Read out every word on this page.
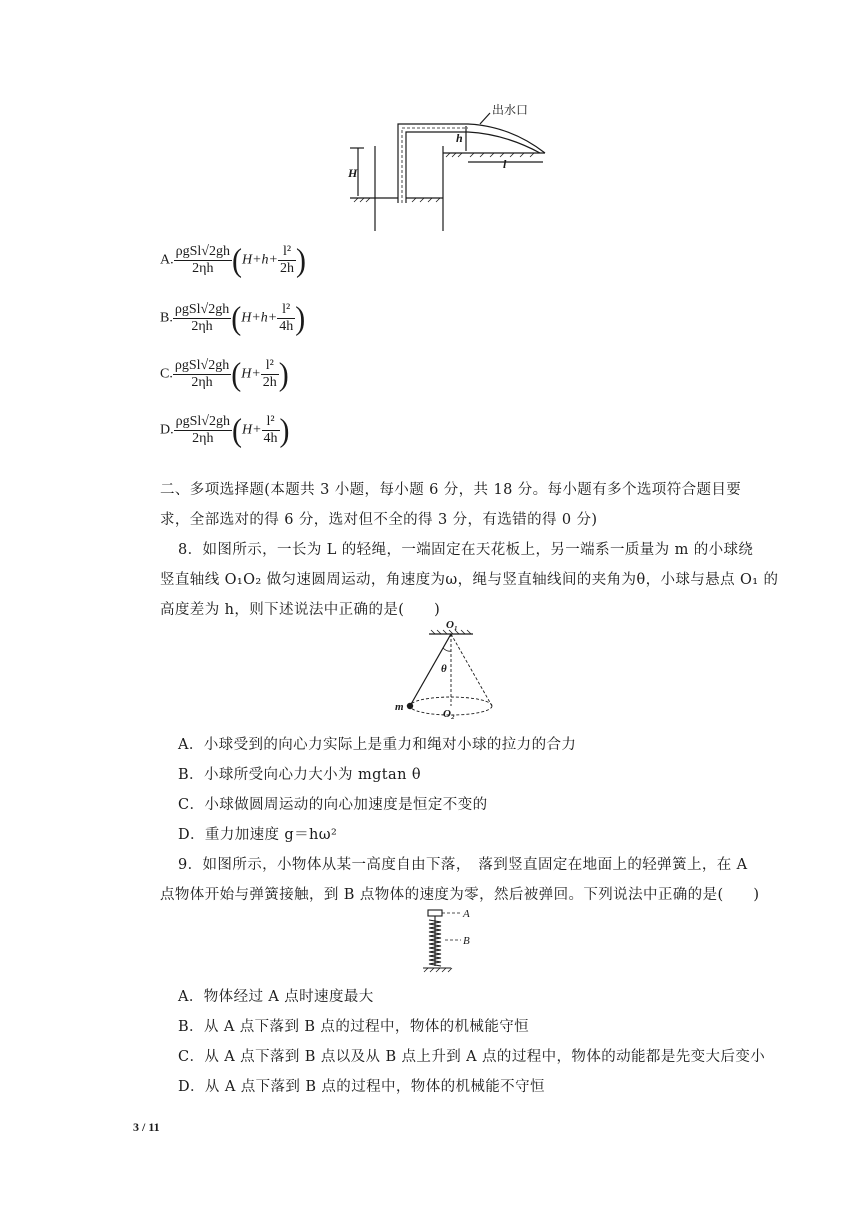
出水口
h
H
l
A. $\frac{\text{ρgSl√2gh}}{2\eta h} (H+h+ \frac{\text{l²}}{2h}$ )
B. $\frac{\text{ρgSl√2gh}}{2\eta h} (H+h+ \frac{\text{l²}}{4h}$ )
C. $\frac{\text{ρgSl√2gh}}{2\eta h} (H+ \frac{\text{l²}}{2h}$ )
D. $\frac{\text{ρgSl√2gh}}{2\eta h} (H+ \frac{\text{l²}}{4h}$ )
二、多项选择题(本题共 3 小题，每小题 6 分，共 18 分。每小题有多个选项符合题目要
求，全部选对的得 6 分，选对但不全的得 3 分，有选错的得 0 分)
8．如图所示，一长为 L 的轻绳，一端固定在天花板上，另一端系一质量为 m 的小球绕
竖直轴线 O₁O₂ 做匀速圆周运动，角速度为ω，绳与竖直轴线间的夹角为θ，小球与悬点 O₁ 的
高度差为 h，则下述说法中正确的是(　　)
O₁
O₂
θ
m
A．小球受到的向心力实际上是重力和绳对小球的拉力的合力
B．小球所受向心力大小为 mgtan θ
C．小球做圆周运动的向心加速度是恒定不变的
D．重力加速度 g＝hω²
9．如图所示，小物体从某一高度自由下落，　落到竖直固定在地面上的轻弹簧上，在 A
点物体开始与弹簧接触，到 B 点物体的速度为零，然后被弹回。下列说法中正确的是(　　)
A
B
A．物体经过 A 点时速度最大
B．从 A 点下落到 B 点的过程中，物体的机械能守恒
C．从 A 点下落到 B 点以及从 B 点上升到 A 点的过程中，物体的动能都是先变大后变小
D．从 A 点下落到 B 点的过程中，物体的机械能不守恒
3 / 11
